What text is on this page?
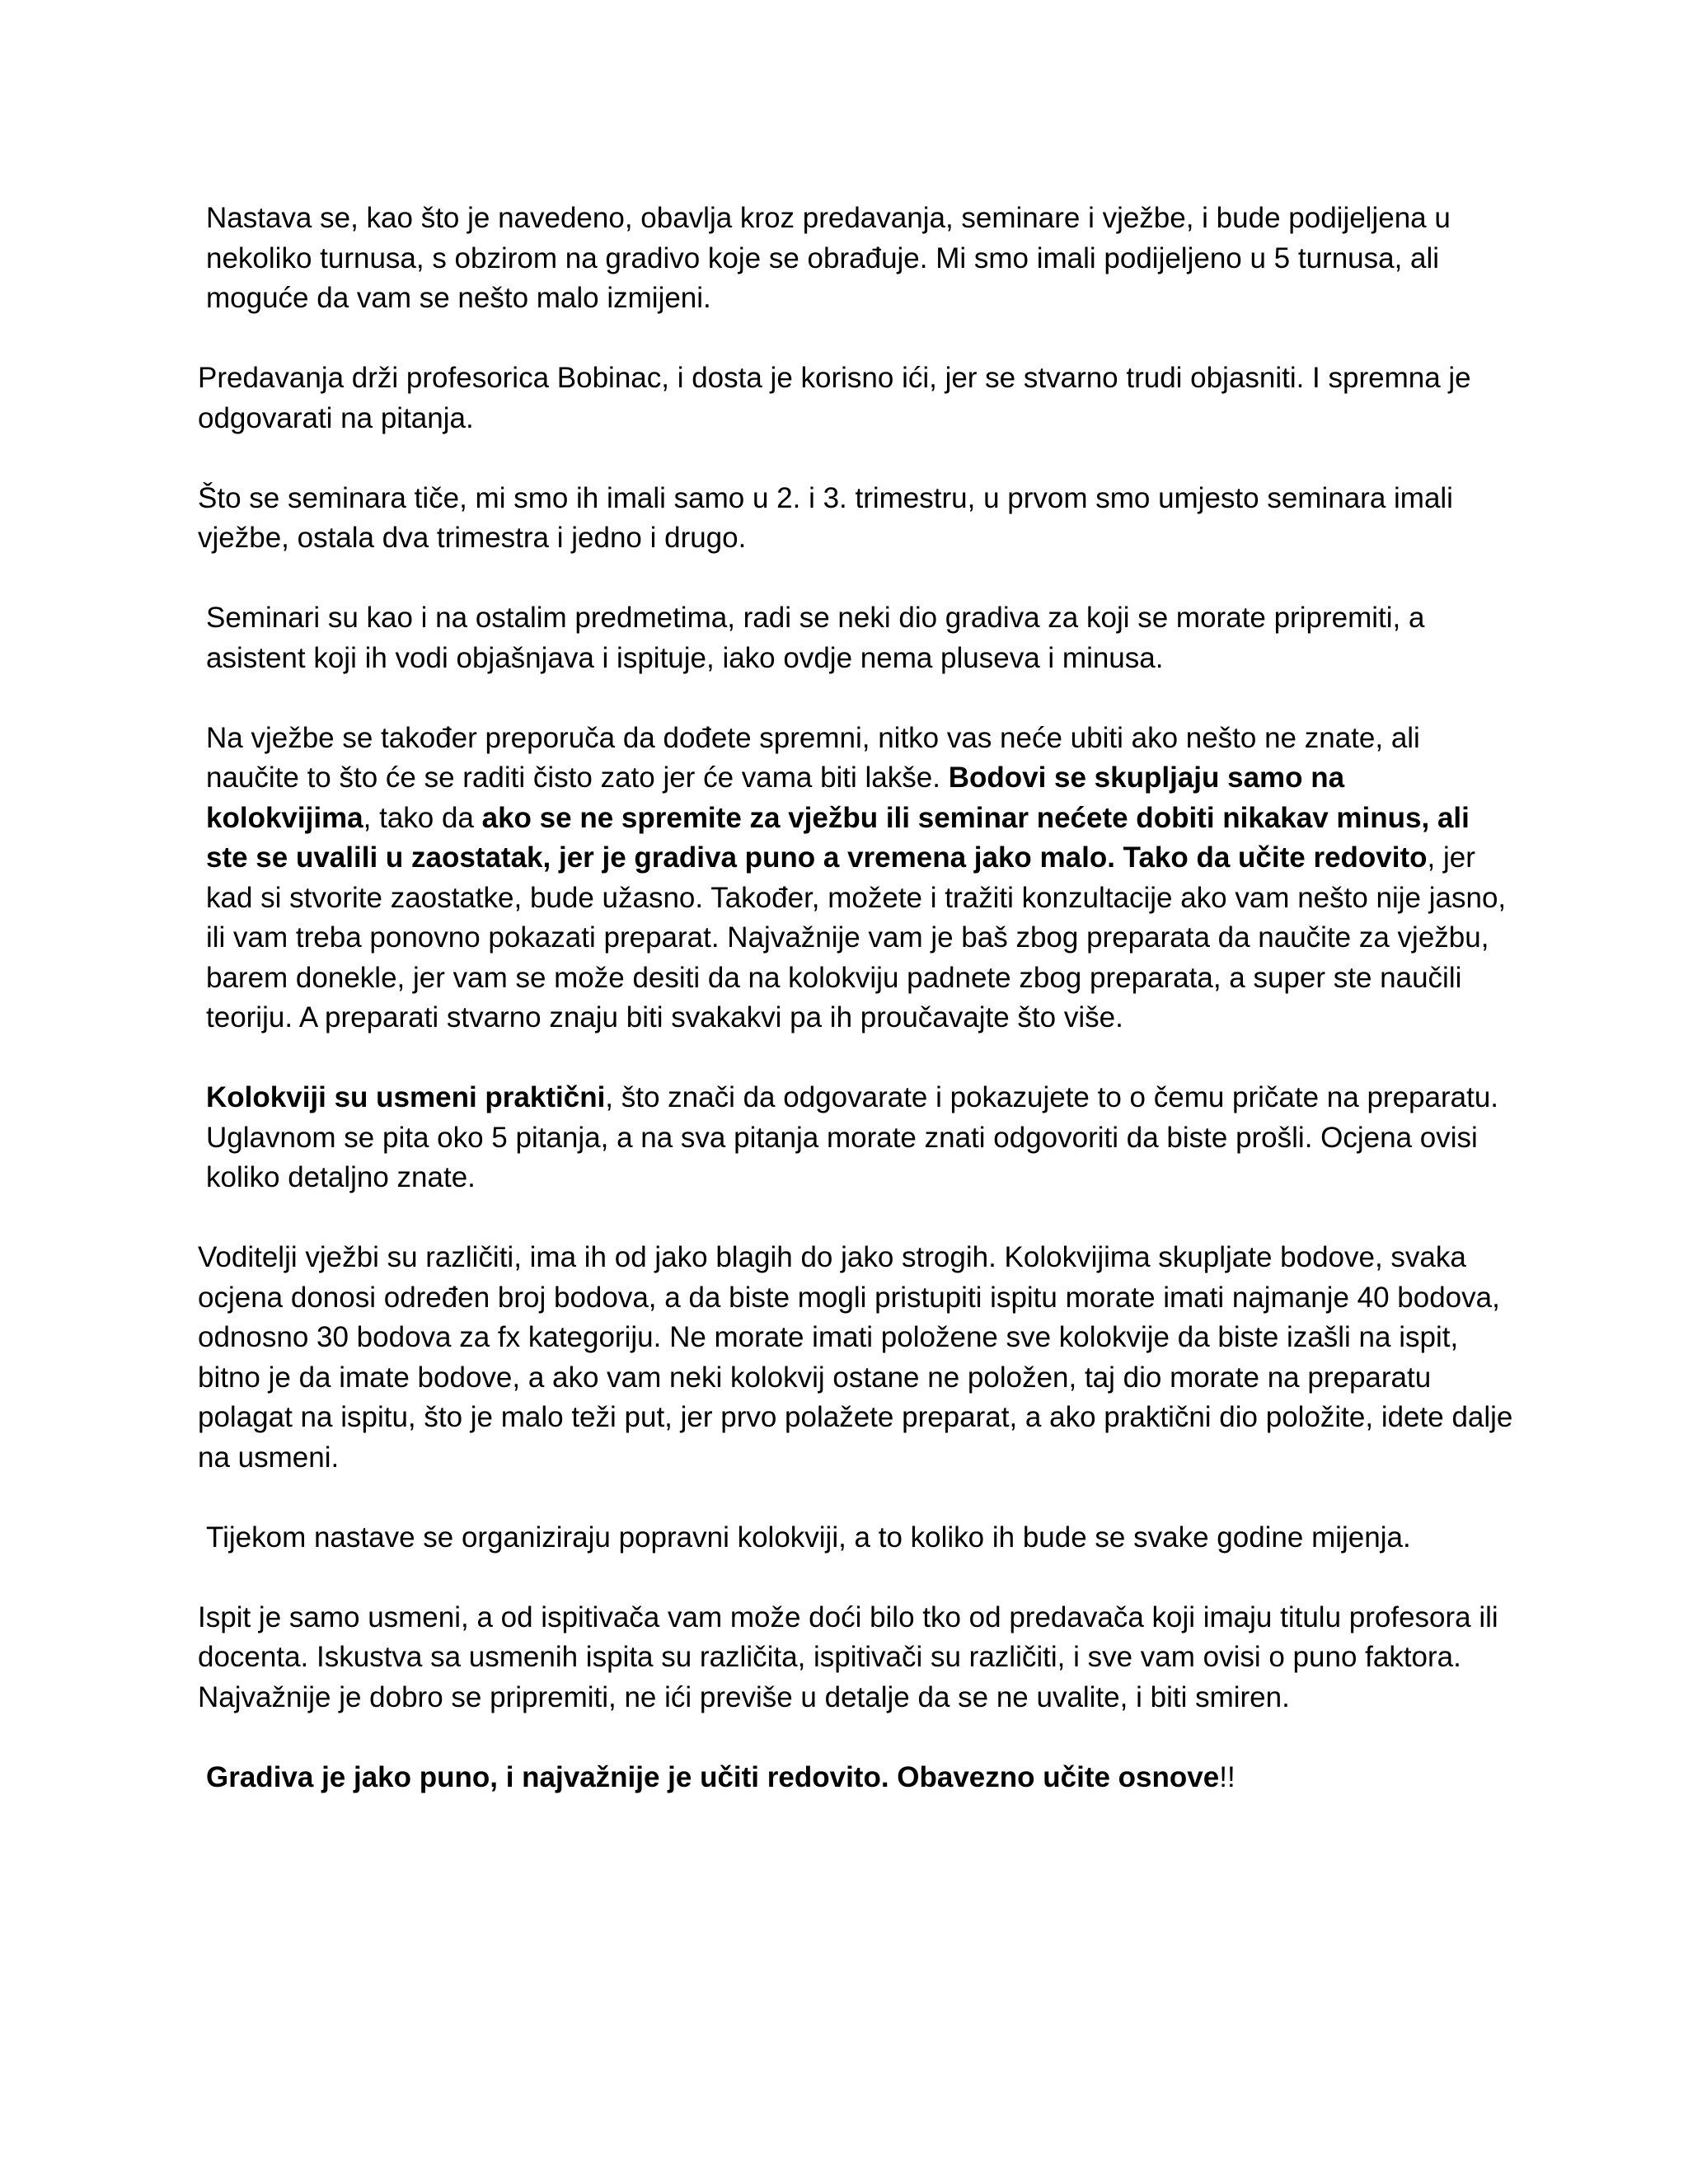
Nastava se, kao što je navedeno, obavlja kroz predavanja, seminare i vježbe, i bude podijeljena u nekoliko turnusa, s obzirom na gradivo koje se obrađuje. Mi smo imali podijeljeno u 5 turnusa, ali moguće da vam se nešto malo izmijeni.

Predavanja drži profesorica Bobinac, i dosta je korisno ići, jer se stvarno trudi objasniti. I spremna je odgovarati na pitanja.

Što se seminara tiče, mi smo ih imali samo u 2. i 3. trimestru, u prvom smo umjesto seminara imali vježbe, ostala dva trimestra i jedno i drugo.

Seminari su kao i na ostalim predmetima, radi se neki dio gradiva za koji se morate pripremiti, a asistent koji ih vodi objašnjava i ispituje, iako ovdje nema pluseva i minusa.

Na vježbe se također preporuča da dođete spremni, nitko vas neće ubiti ako nešto ne znate, ali naučite to što će se raditi čisto zato jer će vama biti lakše. Bodovi se skupljaju samo na kolokvijima, tako da ako se ne spremite za vježbu ili seminar nećete dobiti nikakav minus, ali ste se uvalili u zaostatak, jer je gradiva puno a vremena jako malo. Tako da učite redovito, jer kad si stvorite zaostatke, bude užasno. Također, možete i tražiti konzultacije ako vam nešto nije jasno, ili vam treba ponovno pokazati preparat. Najvažnije vam je baš zbog preparata da naučite za vježbu, barem donekle, jer vam se može desiti da na kolokviju padnete zbog preparata, a super ste naučili teoriju. A preparati stvarno znaju biti svakakvi pa ih proučavajte što više.

Kolokviji su usmeni praktični, što znači da odgovarate i pokazujete to o čemu pričate na preparatu. Uglavnom se pita oko 5 pitanja, a na sva pitanja morate znati odgovoriti da biste prošli. Ocjena ovisi koliko detaljno znate.

Voditelji vježbi su različiti, ima ih od jako blagih do jako strogih. Kolokvijima skupljate bodove, svaka ocjena donosi određen broj bodova, a da biste mogli pristupiti ispitu morate imati najmanje 40 bodova, odnosno 30 bodova za fx kategoriju. Ne morate imati položene sve kolokvije da biste izašli na ispit, bitno je da imate bodove, a ako vam neki kolokvij ostane ne položen, taj dio morate na preparatu polagat na ispitu, što je malo teži put, jer prvo polažete preparat, a ako praktični dio položite, idete dalje na usmeni.

Tijekom nastave se organiziraju popravni kolokviji, a to koliko ih bude se svake godine mijenja.

Ispit je samo usmeni, a od ispitivača vam može doći bilo tko od predavača koji imaju titulu profesora ili docenta. Iskustva sa usmenih ispita su različita, ispitivači su različiti, i sve vam ovisi o puno faktora. Najvažnije je dobro se pripremiti, ne ići previše u detalje da se ne uvalite, i biti smiren.

Gradiva je jako puno, i najvažnije je učiti redovito. Obavezno učite osnove!!
